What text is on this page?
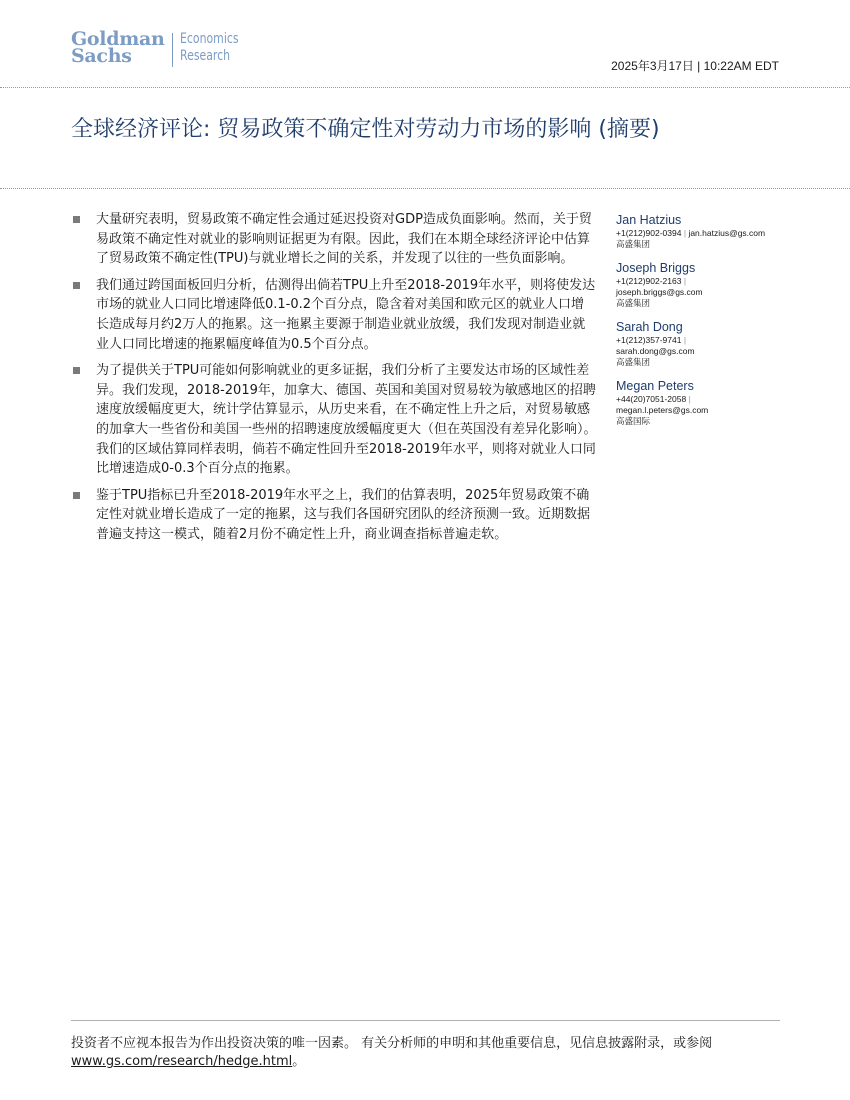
Goldman
Sachs
Economics
Research
2025年3月17日 | 10:22AM EDT
全球经济评论: 贸易政策不确定性对劳动力市场的影响 (摘要)
大量研究表明，贸易政策不确定性会通过延迟投资对GDP造成负面影响。然而，关于贸易政策不确定性对就业的影响则证据更为有限。因此，我们在本期全球经济评论中估算了贸易政策不确定性(TPU)与就业增长之间的关系，并发现了以往的一些负面影响。
我们通过跨国面板回归分析，估测得出倘若TPU上升至2018-2019年水平，则将使发达市场的就业人口同比增速降低0.1-0.2个百分点，隐含着对美国和欧元区的就业人口增长造成每月约2万人的拖累。这一拖累主要源于制造业就业放缓，我们发现对制造业就业人口同比增速的拖累幅度峰值为0.5个百分点。
为了提供关于TPU可能如何影响就业的更多证据，我们分析了主要发达市场的区域性差异。我们发现，2018-2019年，加拿大、德国、英国和美国对贸易较为敏感地区的招聘速度放缓幅度更大，统计学估算显示，从历史来看，在不确定性上升之后，对贸易敏感的加拿大一些省份和美国一些州的招聘速度放缓幅度更大（但在英国没有差异化影响）。我们的区域估算同样表明，倘若不确定性回升至2018-2019年水平，则将对就业人口同比增速造成0-0.3个百分点的拖累。
鉴于TPU指标已升至2018-2019年水平之上，我们的估算表明，2025年贸易政策不确定性对就业增长造成了一定的拖累，这与我们各国研究团队的经济预测一致。近期数据普遍支持这一模式，随着2月份不确定性上升，商业调查指标普遍走软。
Jan Hatzius
+1(212)902-0394 | jan.hatzius@gs.com
高盛集团
Joseph Briggs
+1(212)902-2163 |
joseph.briggs@gs.com
高盛集团
Sarah Dong
+1(212)357-9741 |
sarah.dong@gs.com
高盛集团
Megan Peters
+44(20)7051-2058 |
megan.l.peters@gs.com
高盛国际
投资者不应视本报告为作出投资决策的唯一因素。 有关分析师的申明和其他重要信息，见信息披露附录，或参阅
www.gs.com/research/hedge.html。
